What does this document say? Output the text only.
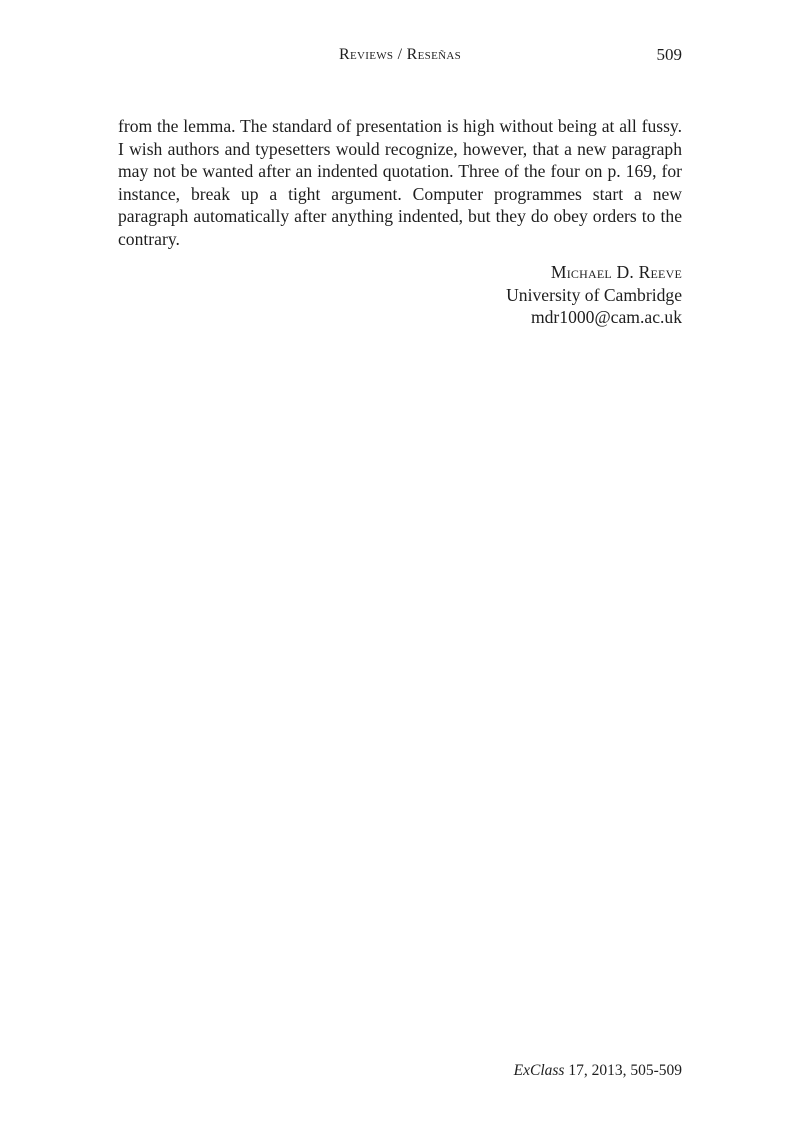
Reviews / Reseñas	509

from the lemma. The standard of presentation is high without being at all fussy. I wish authors and typesetters would recognize, however, that a new paragraph may not be wanted after an indented quotation. Three of the four on p. 169, for instance, break up a tight argument. Computer programmes start a new paragraph automatically after anything indented, but they do obey orders to the contrary.

Michael D. Reeve
University of Cambridge
mdr1000@cam.ac.uk
ExClass 17, 2013, 505-509
